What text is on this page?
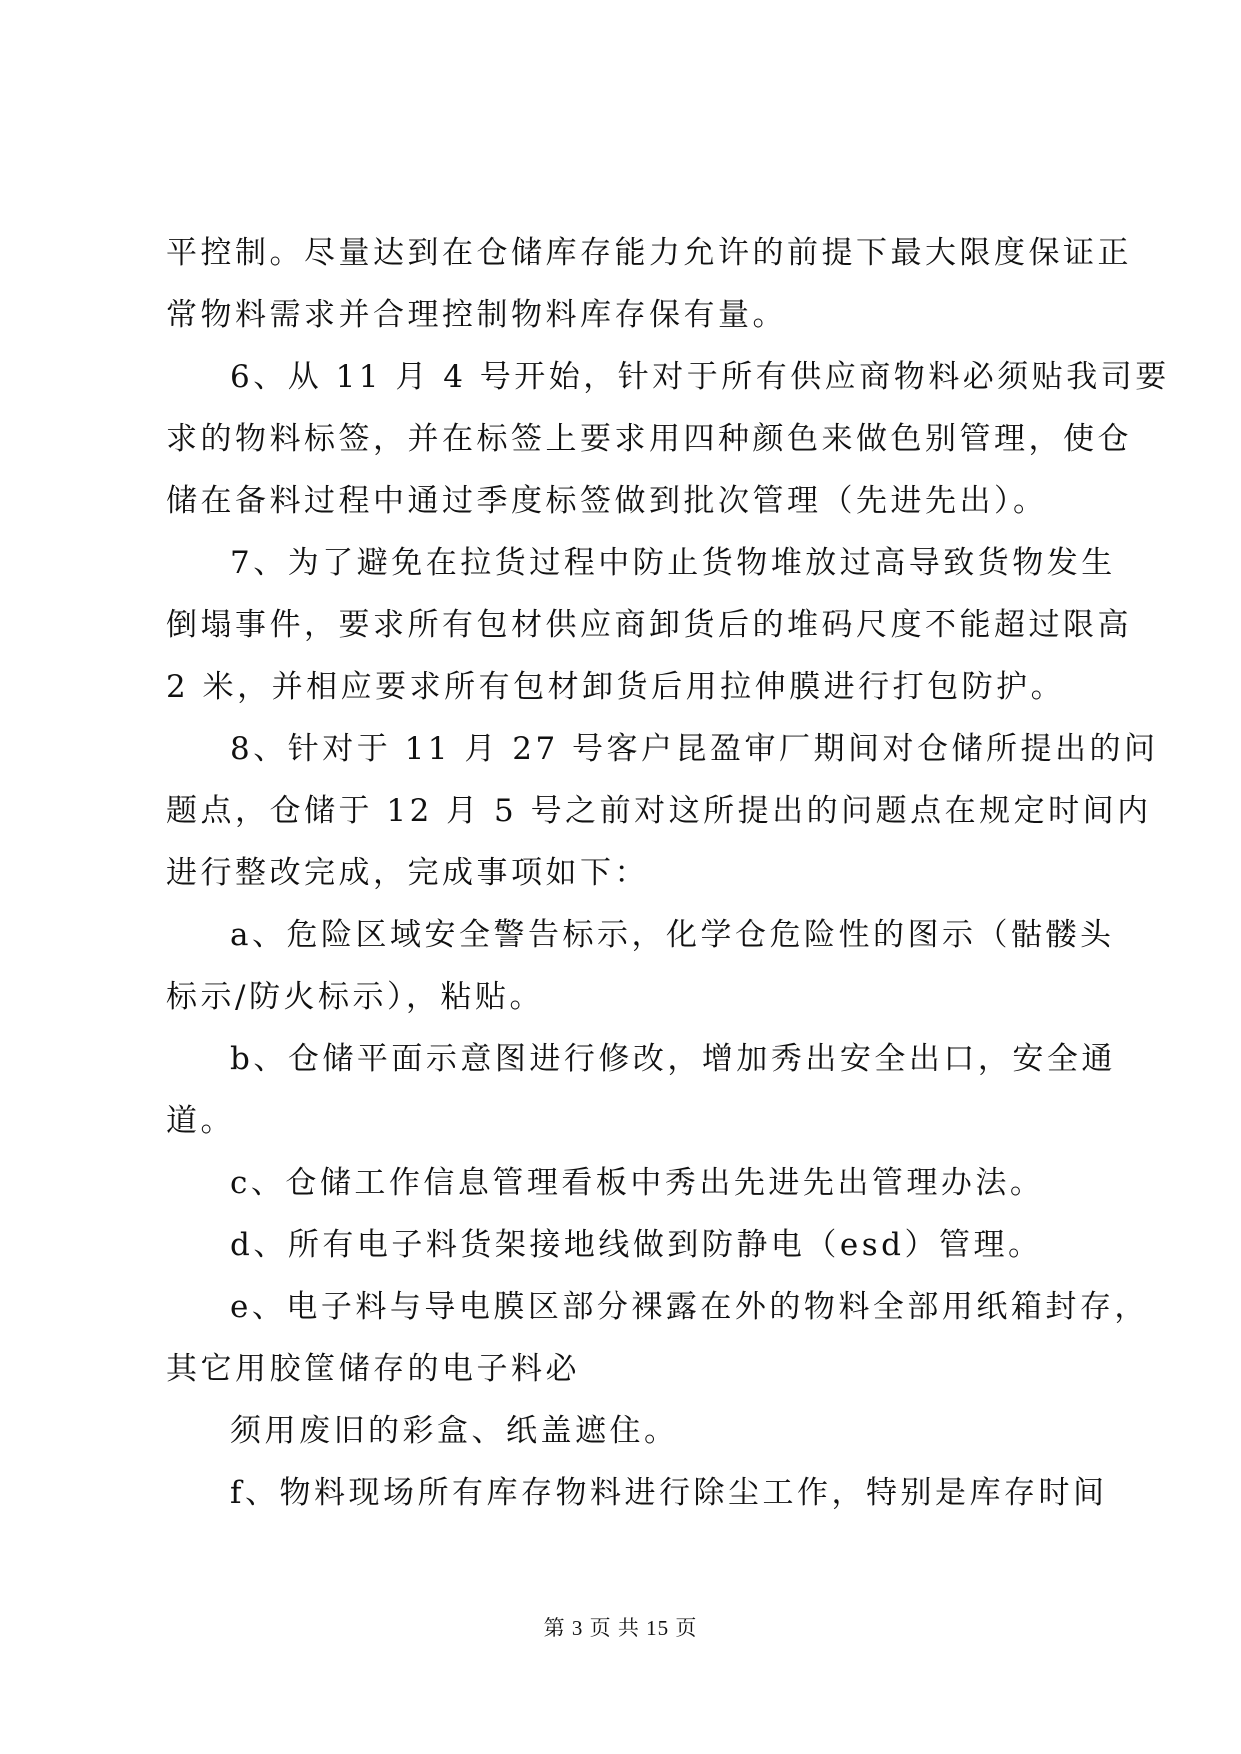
平控制。尽量达到在仓储库存能力允许的前提下最大限度保证正
常物料需求并合理控制物料库存保有量。
6、从 11 月 4 号开始，针对于所有供应商物料必须贴我司要
求的物料标签，并在标签上要求用四种颜色来做色别管理，使仓
储在备料过程中通过季度标签做到批次管理（先进先出）。
7、为了避免在拉货过程中防止货物堆放过高导致货物发生
倒塌事件，要求所有包材供应商卸货后的堆码尺度不能超过限高
2 米，并相应要求所有包材卸货后用拉伸膜进行打包防护。
8、针对于 11 月 27 号客户昆盈审厂期间对仓储所提出的问
题点，仓储于 12 月 5 号之前对这所提出的问题点在规定时间内
进行整改完成，完成事项如下：
a、危险区域安全警告标示，化学仓危险性的图示（骷髅头
标示/防火标示），粘贴。
b、仓储平面示意图进行修改，增加秀出安全出口，安全通
道。
c、仓储工作信息管理看板中秀出先进先出管理办法。
d、所有电子料货架接地线做到防静电（esd）管理。
e、电子料与导电膜区部分裸露在外的物料全部用纸箱封存，
其它用胶筐储存的电子料必
须用废旧的彩盒、纸盖遮住。
f、物料现场所有库存物料进行除尘工作，特别是库存时间
第 3 页 共 15 页
